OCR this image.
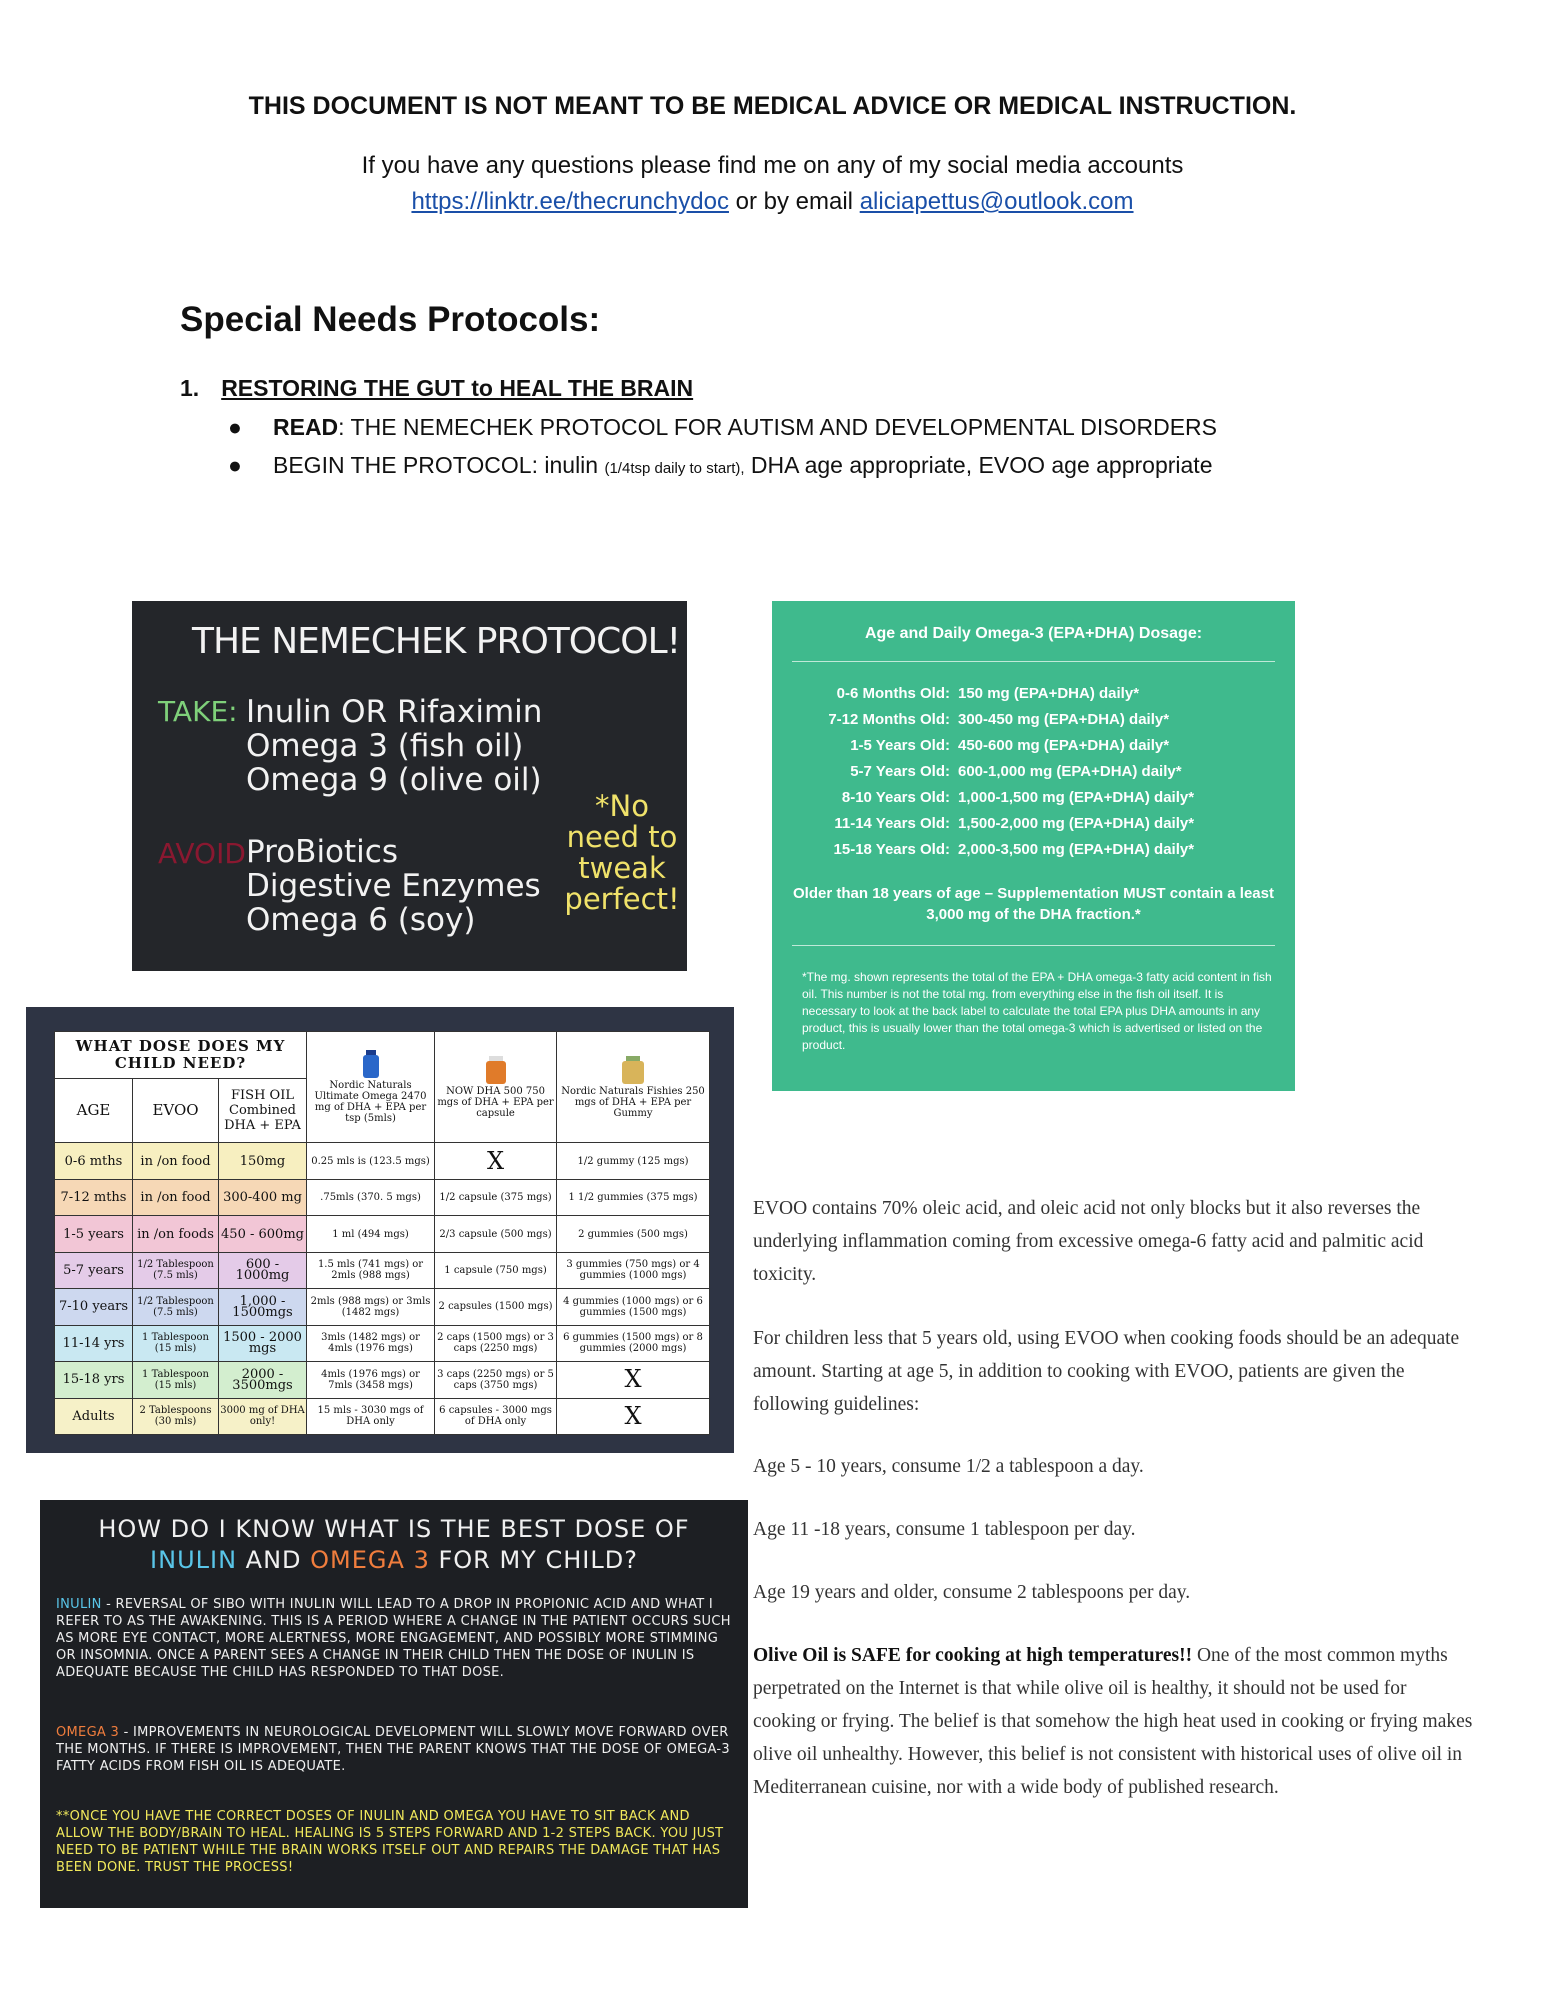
THIS DOCUMENT IS NOT MEANT TO BE MEDICAL ADVICE OR MEDICAL INSTRUCTION.
If you have any questions please find me on any of my social media accounts
https://linktr.ee/thecrunchydoc or by email aliciapettus@outlook.com
Special Needs Protocols:
1. RESTORING THE GUT to HEAL THE BRAIN
● READ: THE NEMECHEK PROTOCOL FOR AUTISM AND DEVELOPMENTAL DISORDERS
● BEGIN THE PROTOCOL: inulin (1/4tsp daily to start), DHA age appropriate, EVOO age appropriate
THE NEMECHEK PROTOCOL!
TAKE: Inulin OR Rifaximin
Omega 3 (fish oil)
Omega 9 (olive oil)
AVOID ProBiotics
Digestive Enzymes
Omega 6 (soy)
*No need to tweak perfect!
Age and Daily Omega-3 (EPA+DHA) Dosage:
0-6 Months Old: 150 mg (EPA+DHA) daily*
7-12 Months Old: 300-450 mg (EPA+DHA) daily*
1-5 Years Old: 450-600 mg (EPA+DHA) daily*
5-7 Years Old: 600-1,000 mg (EPA+DHA) daily*
8-10 Years Old: 1,000-1,500 mg (EPA+DHA) daily*
11-14 Years Old: 1,500-2,000 mg (EPA+DHA) daily*
15-18 Years Old: 2,000-3,500 mg (EPA+DHA) daily*
Older than 18 years of age – Supplementation MUST contain a least 3,000 mg of the DHA fraction.*
*The mg. shown represents the total of the EPA + DHA omega-3 fatty acid content in fish oil. This number is not the total mg. from everything else in the fish oil itself. It is necessary to look at the back label to calculate the total EPA plus DHA amounts in any product, this is usually lower than the total omega-3 which is advertised or listed on the product.
WHAT DOSE DOES MY CHILD NEED?			Nordic Naturals Ultimate Omega 2470 mg of DHA + EPA per tsp (5mls)	NOW DHA 500 750 mgs of DHA + EPA per capsule	Nordic Naturals Fishies 250 mgs of DHA + EPA per Gummy
AGE	EVOO	FISH OIL Combined DHA + EPA			
0-6 mths	in /on food	150mg	0.25 mls is (123.5 mgs)	X	1/2 gummy (125 mgs)
7-12 mths	in /on food	300-400 mg	.75mls (370. 5 mgs)	1/2 capsule (375 mgs)	1 1/2 gummies (375 mgs)
1-5 years	in /on foods	450 - 600mg	1 ml (494 mgs)	2/3 capsule (500 mgs)	2 gummies (500 mgs)
5-7 years	1/2 Tablespoon (7.5 mls)	600 - 1000mg	1.5 mls (741 mgs) or 2mls (988 mgs)	1 capsule (750 mgs)	3 gummies (750 mgs) or 4 gummies (1000 mgs)
7-10 years	1/2 Tablespoon (7.5 mls)	1,000 - 1500mgs	2mls (988 mgs) or 3mls (1482 mgs)	2 capsules (1500 mgs)	4 gummies (1000 mgs) or 6 gummies (1500 mgs)
11-14 yrs	1 Tablespoon (15 mls)	1500 - 2000 mgs	3mls (1482 mgs) or 4mls (1976 mgs)	2 caps (1500 mgs) or 3 caps (2250 mgs)	6 gummies (1500 mgs) or 8 gummies (2000 mgs)
15-18 yrs	1 Tablespoon (15 mls)	2000 - 3500mgs	4mls (1976 mgs) or 7mls (3458 mgs)	3 caps (2250 mgs) or 5 caps (3750 mgs)	X
Adults	2 Tablespoons (30 mls)	3000 mg of DHA only!	15 mls - 3030 mgs of DHA only	6 capsules - 3000 mgs of DHA only	X
HOW DO I KNOW WHAT IS THE BEST DOSE OF
INULIN AND OMEGA 3 FOR MY CHILD?
INULIN - REVERSAL OF SIBO WITH INULIN WILL LEAD TO A DROP IN PROPIONIC ACID AND WHAT I REFER TO AS THE AWAKENING. THIS IS A PERIOD WHERE A CHANGE IN THE PATIENT OCCURS SUCH AS MORE EYE CONTACT, MORE ALERTNESS, MORE ENGAGEMENT, AND POSSIBLY MORE STIMMING OR INSOMNIA. ONCE A PARENT SEES A CHANGE IN THEIR CHILD THEN THE DOSE OF INULIN IS ADEQUATE BECAUSE THE CHILD HAS RESPONDED TO THAT DOSE.
OMEGA 3 - IMPROVEMENTS IN NEUROLOGICAL DEVELOPMENT WILL SLOWLY MOVE FORWARD OVER THE MONTHS. IF THERE IS IMPROVEMENT, THEN THE PARENT KNOWS THAT THE DOSE OF OMEGA-3 FATTY ACIDS FROM FISH OIL IS ADEQUATE.
**ONCE YOU HAVE THE CORRECT DOSES OF INULIN AND OMEGA YOU HAVE TO SIT BACK AND ALLOW THE BODY/BRAIN TO HEAL. HEALING IS 5 STEPS FORWARD AND 1-2 STEPS BACK. YOU JUST NEED TO BE PATIENT WHILE THE BRAIN WORKS ITSELF OUT AND REPAIRS THE DAMAGE THAT HAS BEEN DONE. TRUST THE PROCESS!
EVOO contains 70% oleic acid, and oleic acid not only blocks but it also reverses the underlying inflammation coming from excessive omega-6 fatty acid and palmitic acid toxicity.
For children less that 5 years old, using EVOO when cooking foods should be an adequate amount. Starting at age 5, in addition to cooking with EVOO, patients are given the following guidelines:
Age 5 - 10 years, consume 1/2 a tablespoon a day.
Age 11 -18 years, consume 1 tablespoon per day.
Age 19 years and older, consume 2 tablespoons per day.
Olive Oil is SAFE for cooking at high temperatures!! One of the most common myths perpetrated on the Internet is that while olive oil is healthy, it should not be used for cooking or frying. The belief is that somehow the high heat used in cooking or frying makes olive oil unhealthy. However, this belief is not consistent with historical uses of olive oil in Mediterranean cuisine, nor with a wide body of published research.
